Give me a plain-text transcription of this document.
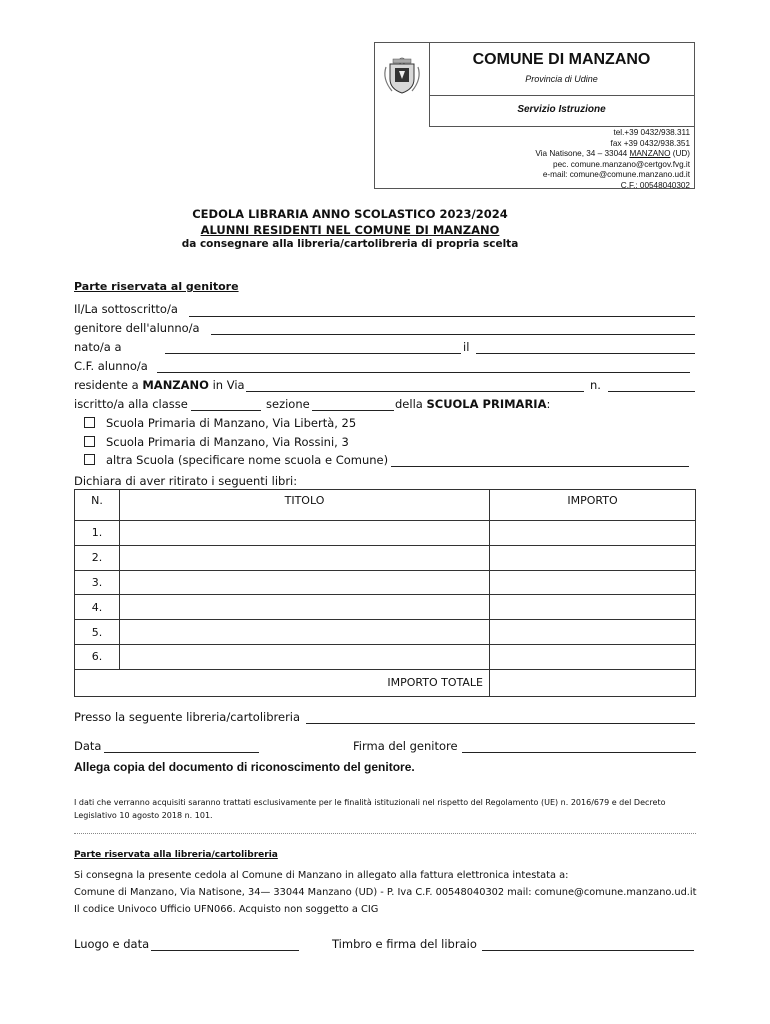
COMUNE DI MANZANO
Provincia di Udine
Servizio Istruzione
tel.+39 0432/938.311
fax +39 0432/938.351
Via Natisone, 34 – 33044 MANZANO (UD)
pec. comune.manzano@certgov.fvg.it
e-mail: comune@comune.manzano.ud.it
C.F.: 00548040302
CEDOLA LIBRARIA ANNO SCOLASTICO 2023/2024
ALUNNI RESIDENTI NEL COMUNE DI MANZANO
da consegnare alla libreria/cartolibreria di propria scelta
Parte riservata al genitore
Il/La sottoscritto/a
genitore dell'alunno/a
nato/a a	il
C.F. alunno/a
residente a MANZANO in Via	n.
iscritto/a alla classe	sezione	della SCUOLA PRIMARIA:
Scuola Primaria di Manzano, Via Libertà, 25
Scuola Primaria di Manzano, Via Rossini, 3
altra Scuola (specificare nome scuola e Comune)
Dichiara di aver ritirato i seguenti libri:
N.	TITOLO	IMPORTO
1.		
2.		
3.		
4.		
5.		
6.		
IMPORTO TOTALE		
Presso la seguente libreria/cartolibreria
Data	Firma del genitore
Allega copia del documento di riconoscimento del genitore.
I dati che verranno acquisiti saranno trattati esclusivamente per le finalità istituzionali nel rispetto del Regolamento (UE) n. 2016/679 e del Decreto
Legislativo 10 agosto 2018 n. 101.
Parte riservata alla libreria/cartolibreria
Si consegna la presente cedola al Comune di Manzano in allegato alla fattura elettronica intestata a:
Comune di Manzano, Via Natisone, 34— 33044 Manzano (UD) - P. Iva C.F. 00548040302 mail: comune@comune.manzano.ud.it
Il codice Univoco Ufficio UFN066. Acquisto non soggetto a CIG
Luogo e data	Timbro e firma del libraio
